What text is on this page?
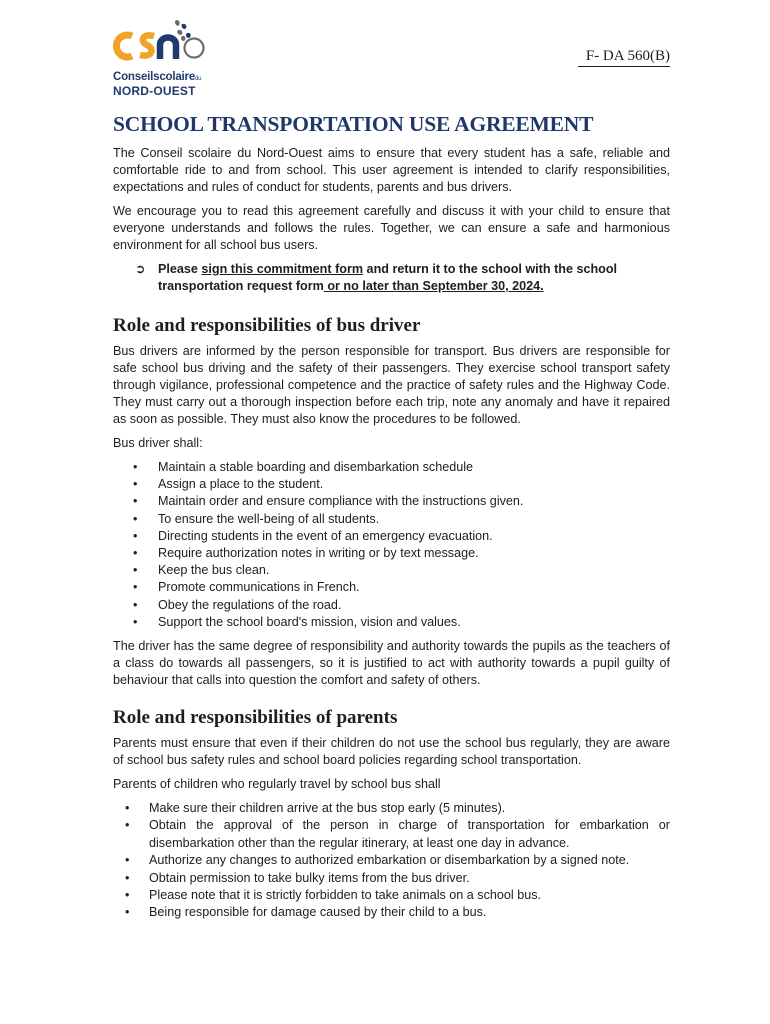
Conseilscolairedu
NORD-OUEST
F- DA 560(B)
SCHOOL TRANSPORTATION USE AGREEMENT

The Conseil scolaire du Nord-Ouest aims to ensure that every student has a safe, reliable and comfortable ride to and from school. This user agreement is intended to clarify responsibilities, expectations and rules of conduct for students, parents and bus drivers.

We encourage you to read this agreement carefully and discuss it with your child to ensure that everyone understands and follows the rules. Together, we can ensure a safe and harmonious environment for all school bus users.

➲ Please sign this commitment form and return it to the school with the school transportation request form or no later than September 30, 2024.
Role and responsibilities of bus driver

Bus drivers are informed by the person responsible for transport. Bus drivers are responsible for safe school bus driving and the safety of their passengers. They exercise school transport safety through vigilance, professional competence and the practice of safety rules and the Highway Code. They must carry out a thorough inspection before each trip, note any anomaly and have it repaired as soon as possible. They must also know the procedures to be followed.

Bus driver shall:

• Maintain a stable boarding and disembarkation schedule
• Assign a place to the student.
• Maintain order and ensure compliance with the instructions given.
• To ensure the well-being of all students.
• Directing students in the event of an emergency evacuation.
• Require authorization notes in writing or by text message.
• Keep the bus clean.
• Promote communications in French.
• Obey the regulations of the road.
• Support the school board's mission, vision and values.

The driver has the same degree of responsibility and authority towards the pupils as the teachers of a class do towards all passengers, so it is justified to act with authority towards a pupil guilty of behaviour that calls into question the comfort and safety of others.

Role and responsibilities of parents

Parents must ensure that even if their children do not use the school bus regularly, they are aware of school bus safety rules and school board policies regarding school transportation.

Parents of children who regularly travel by school bus shall

• Make sure their children arrive at the bus stop early (5 minutes).
• Obtain the approval of the person in charge of transportation for embarkation or disembarkation other than the regular itinerary, at least one day in advance.
• Authorize any changes to authorized embarkation or disembarkation by a signed note.
• Obtain permission to take bulky items from the bus driver.
• Please note that it is strictly forbidden to take animals on a school bus.
• Being responsible for damage caused by their child to a bus.
